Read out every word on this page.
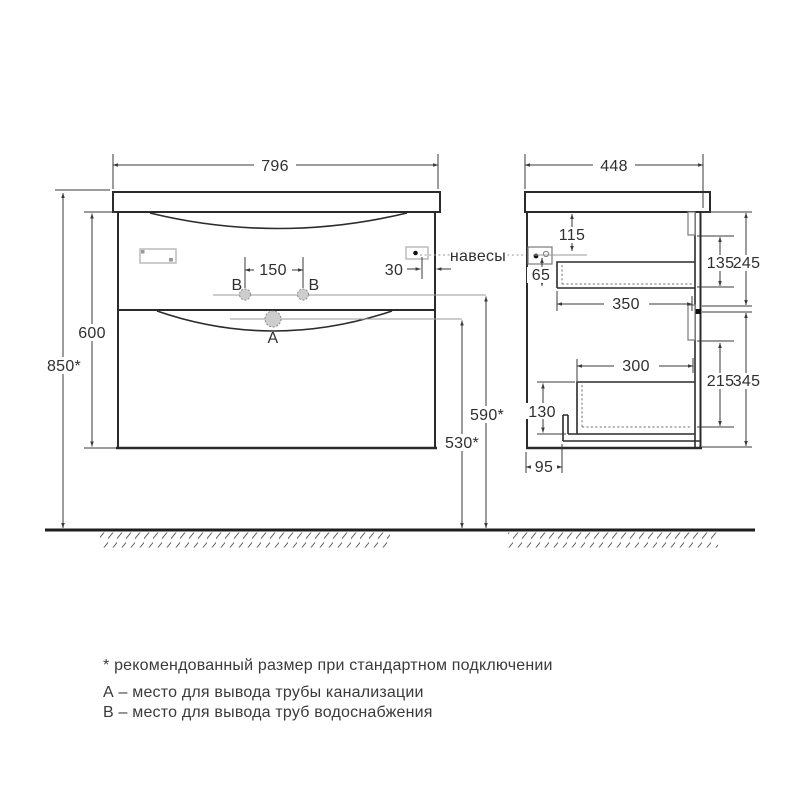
796	448
850*
600
150	30
навесы
590*
530*
В	В
А
115
65
350
300
130
95
135
245
215
345
* рекомендованный размер при стандартном подключении
А – место для вывода трубы канализации
В – место для вывода труб водоснабжения
